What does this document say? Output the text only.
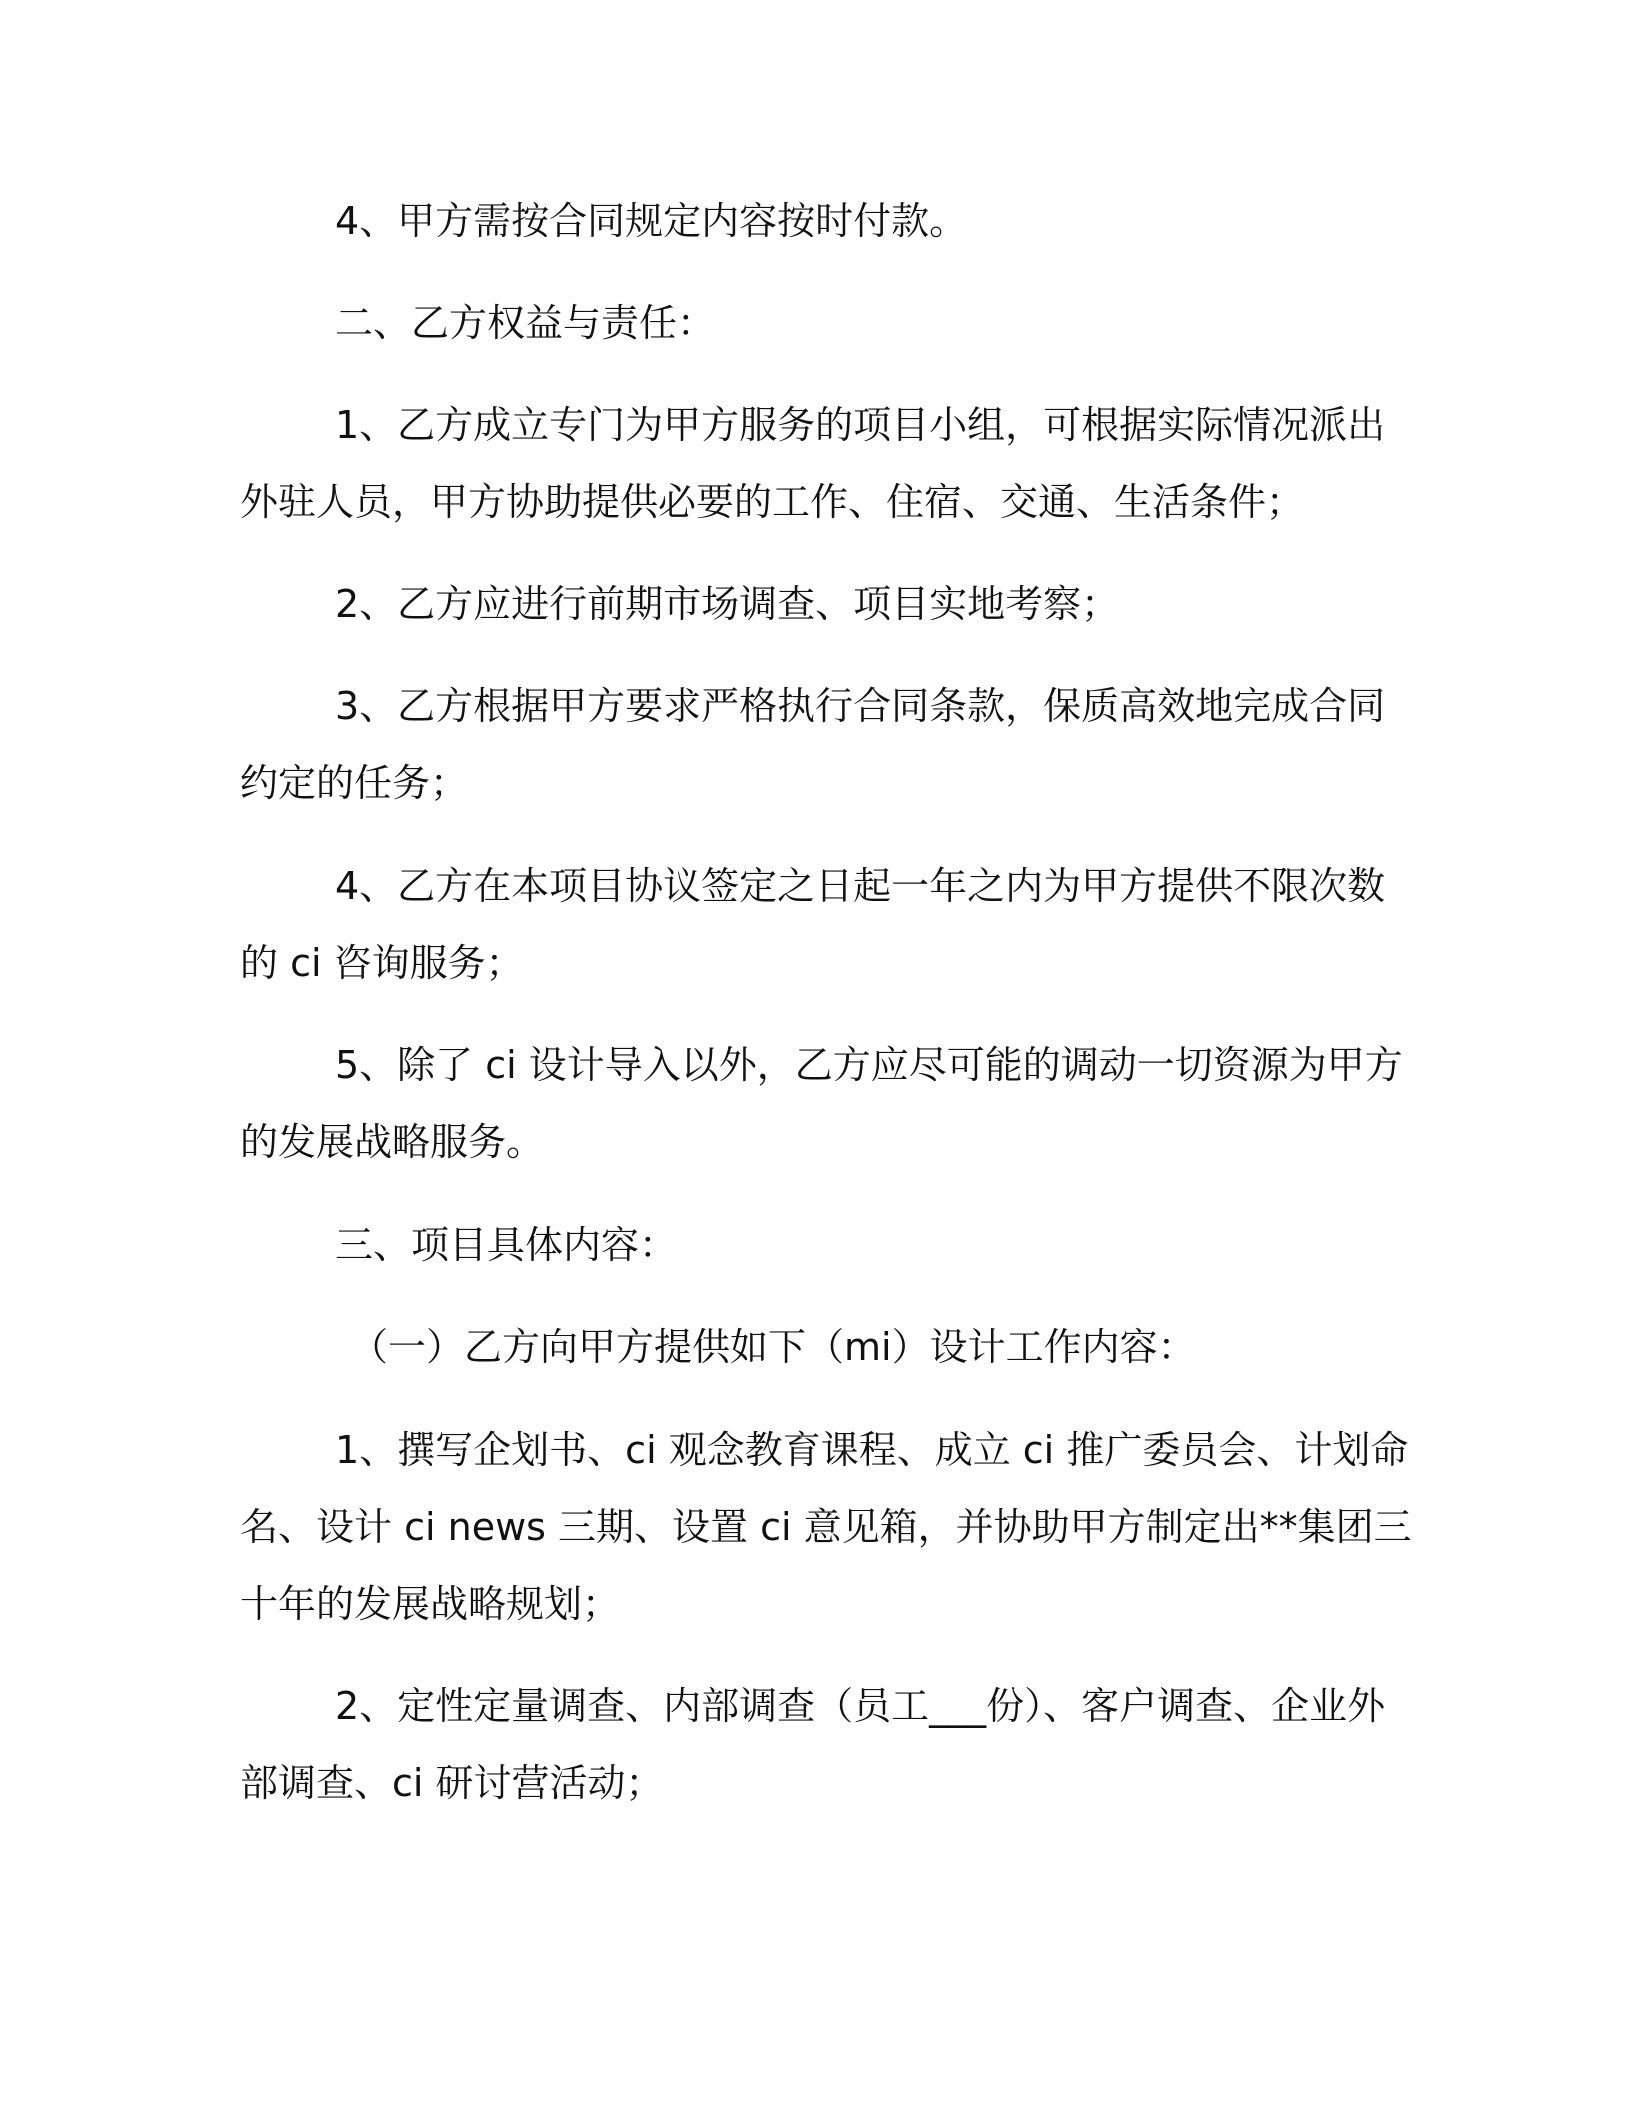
4、甲方需按合同规定内容按时付款。

二、乙方权益与责任：

1、乙方成立专门为甲方服务的项目小组，可根据实际情况派出
外驻人员，甲方协助提供必要的工作、住宿、交通、生活条件；

2、乙方应进行前期市场调查、项目实地考察；

3、乙方根据甲方要求严格执行合同条款，保质高效地完成合同
约定的任务；

4、乙方在本项目协议签定之日起一年之内为甲方提供不限次数
的 ci 咨询服务；

5、除了 ci 设计导入以外，乙方应尽可能的调动一切资源为甲方
的发展战略服务。

三、项目具体内容：

（一）乙方向甲方提供如下（mi）设计工作内容：

1、撰写企划书、ci 观念教育课程、成立 ci 推广委员会、计划命
名、设计 ci news 三期、设置 ci 意见箱，并协助甲方制定出**集团三
十年的发展战略规划；

2、定性定量调查、内部调查（员工___份）、客户调查、企业外
部调查、ci 研讨营活动；
